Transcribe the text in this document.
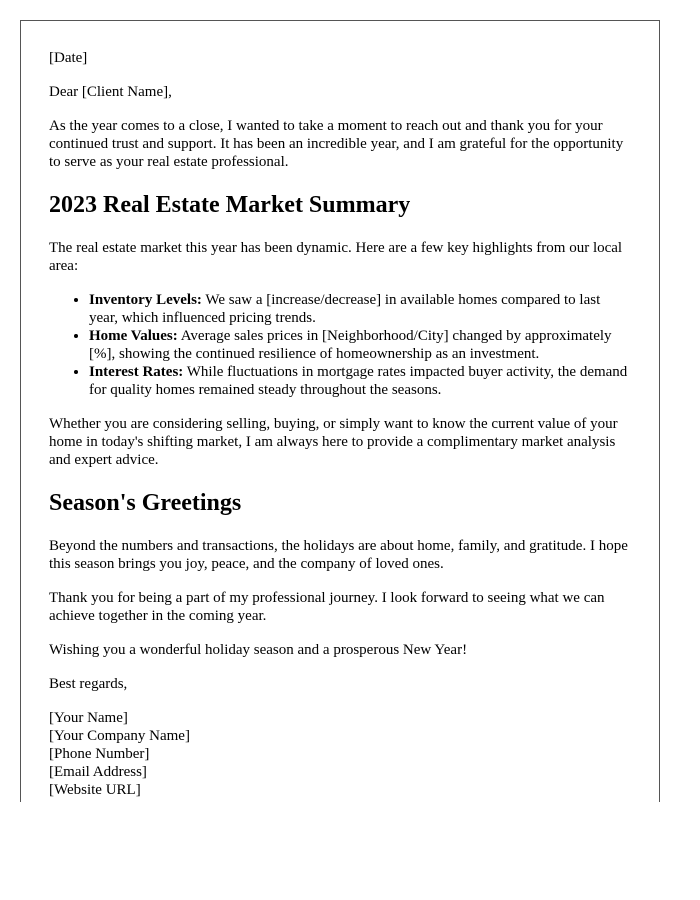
[Date]

Dear [Client Name],

As the year comes to a close, I wanted to take a moment to reach out and thank you for your continued trust and support. It has been an incredible year, and I am grateful for the opportunity to serve as your real estate professional.

2023 Real Estate Market Summary

The real estate market this year has been dynamic. Here are a few key highlights from our local area:

• Inventory Levels: We saw a [increase/decrease] in available homes compared to last year, which influenced pricing trends.
• Home Values: Average sales prices in [Neighborhood/City] changed by approximately [%], showing the continued resilience of homeownership as an investment.
• Interest Rates: While fluctuations in mortgage rates impacted buyer activity, the demand for quality homes remained steady throughout the seasons.

Whether you are considering selling, buying, or simply want to know the current value of your home in today's shifting market, I am always here to provide a complimentary market analysis and expert advice.

Season's Greetings

Beyond the numbers and transactions, the holidays are about home, family, and gratitude. I hope this season brings you joy, peace, and the company of loved ones.

Thank you for being a part of my professional journey. I look forward to seeing what we can achieve together in the coming year.

Wishing you a wonderful holiday season and a prosperous New Year!

Best regards,

[Your Name]
[Your Company Name]
[Phone Number]
[Email Address]
[Website URL]
